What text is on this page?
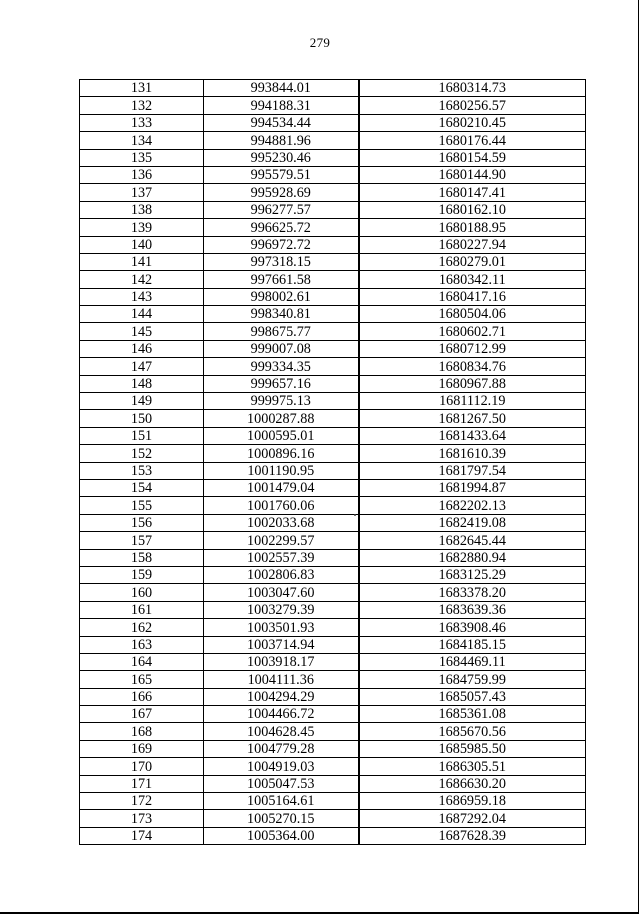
279
131	993844.01	1680314.73
132	994188.31	1680256.57
133	994534.44	1680210.45
134	994881.96	1680176.44
135	995230.46	1680154.59
136	995579.51	1680144.90
137	995928.69	1680147.41
138	996277.57	1680162.10
139	996625.72	1680188.95
140	996972.72	1680227.94
141	997318.15	1680279.01
142	997661.58	1680342.11
143	998002.61	1680417.16
144	998340.81	1680504.06
145	998675.77	1680602.71
146	999007.08	1680712.99
147	999334.35	1680834.76
148	999657.16	1680967.88
149	999975.13	1681112.19
150	1000287.88	1681267.50
151	1000595.01	1681433.64
152	1000896.16	1681610.39
153	1001190.95	1681797.54
154	1001479.04	1681994.87
155	1001760.06	1682202.13
156	1002033.68	1682419.08
157	1002299.57	1682645.44
158	1002557.39	1682880.94
159	1002806.83	1683125.29
160	1003047.60	1683378.20
161	1003279.39	1683639.36
162	1003501.93	1683908.46
163	1003714.94	1684185.15
164	1003918.17	1684469.11
165	1004111.36	1684759.99
166	1004294.29	1685057.43
167	1004466.72	1685361.08
168	1004628.45	1685670.56
169	1004779.28	1685985.50
170	1004919.03	1686305.51
171	1005047.53	1686630.20
172	1005164.61	1686959.18
173	1005270.15	1687292.04
174	1005364.00	1687628.39
